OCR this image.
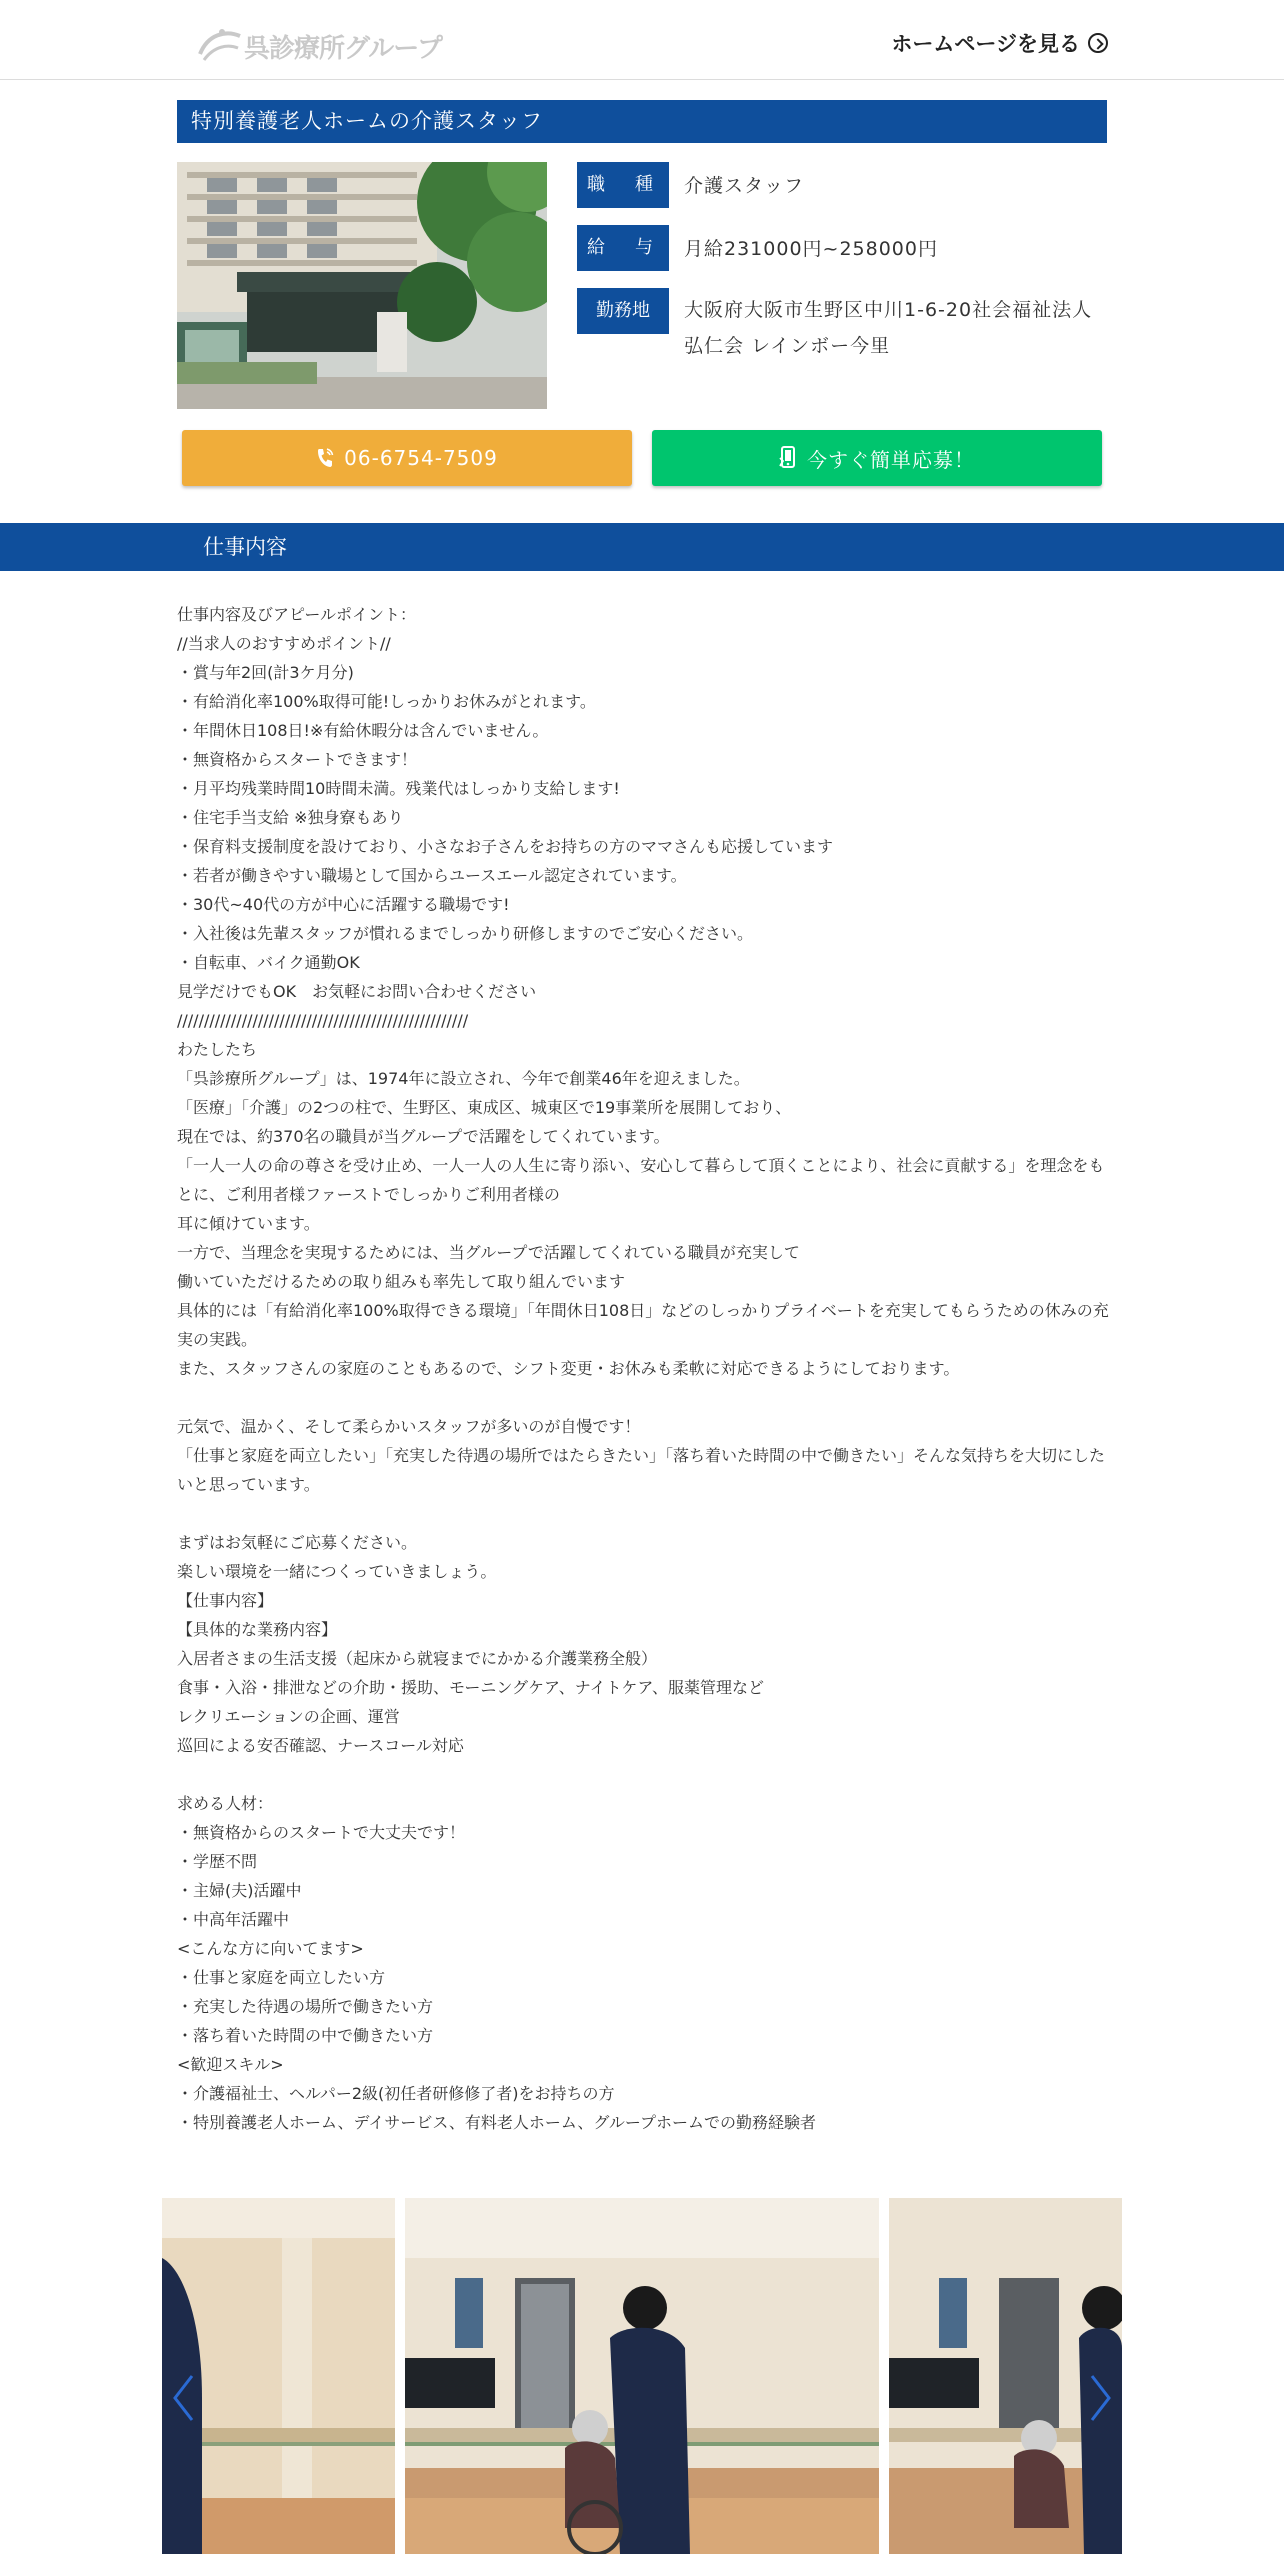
呉診療所グループ	ホームページを見る
特別養護老人ホームの介護スタッフ
職　種	介護スタッフ
給　与	月給231000円~258000円
勤務地	大阪府大阪市生野区中川1-6-20社会福祉法人弘仁会 レインボー今里
06-6754-7509	今すぐ簡単応募！
仕事内容

仕事内容及びアピールポイント：

//当求人のおすすめポイント//

・賞与年2回(計3ケ月分)

・有給消化率100%取得可能!しっかりお休みがとれます。

・年間休日108日!※有給休暇分は含んでいません。

・無資格からスタートできます！

・月平均残業時間10時間未満。残業代はしっかり支給します!

・住宅手当支給 ※独身寮もあり

・保育料支援制度を設けており、小さなお子さんをお持ちの方のママさんも応援しています

・若者が働きやすい職場として国からユースエール認定されています。

・30代~40代の方が中心に活躍する職場です!

・入社後は先輩スタッフが慣れるまでしっかり研修しますのでご安心ください。

・自転車、バイク通勤OK

見学だけでもOK　お気軽にお問い合わせください

//////////////////////////////////////////////////////

わたしたち

「呉診療所グループ」は、1974年に設立され、今年で創業46年を迎えました。

「医療」「介護」の2つの柱で、生野区、東成区、城東区で19事業所を展開しており、

現在では、約370名の職員が当グループで活躍をしてくれています。

「一人一人の命の尊さを受け止め、一人一人の人生に寄り添い、安心して暮らして頂くことにより、社会に貢献する」を理念をもとに、ご利用者様ファーストでしっかりご利用者様の

耳に傾けています。

一方で、当理念を実現するためには、当グループで活躍してくれている職員が充実して

働いていただけるための取り組みも率先して取り組んでいます

具体的には「有給消化率100%取得できる環境」「年間休日108日」などのしっかりプライベートを充実してもらうための休みの充実の実践。

また、スタッフさんの家庭のこともあるので、シフト変更・お休みも柔軟に対応できるようにしております。

元気で、温かく、そして柔らかいスタッフが多いのが自慢です！

「仕事と家庭を両立したい」「充実した待遇の場所ではたらきたい」「落ち着いた時間の中で働きたい」そんな気持ちを大切にしたいと思っています。

まずはお気軽にご応募ください。

楽しい環境を一緒につくっていきましょう。

【仕事内容】

【具体的な業務内容】

入居者さまの生活支援（起床から就寝までにかかる介護業務全般）

食事・入浴・排泄などの介助・援助、モーニングケア、ナイトケア、服薬管理など

レクリエーションの企画、運営

巡回による安否確認、ナースコール対応

求める人材：

・無資格からのスタートで大丈夫です！

・学歴不問

・主婦(夫)活躍中

・中高年活躍中

<こんな方に向いてます>

・仕事と家庭を両立したい方

・充実した待遇の場所で働きたい方

・落ち着いた時間の中で働きたい方

<歓迎スキル>

・介護福祉士、ヘルパー2級(初任者研修修了者)をお持ちの方

・特別養護老人ホーム、デイサービス、有料老人ホーム、グループホームでの勤務経験者
